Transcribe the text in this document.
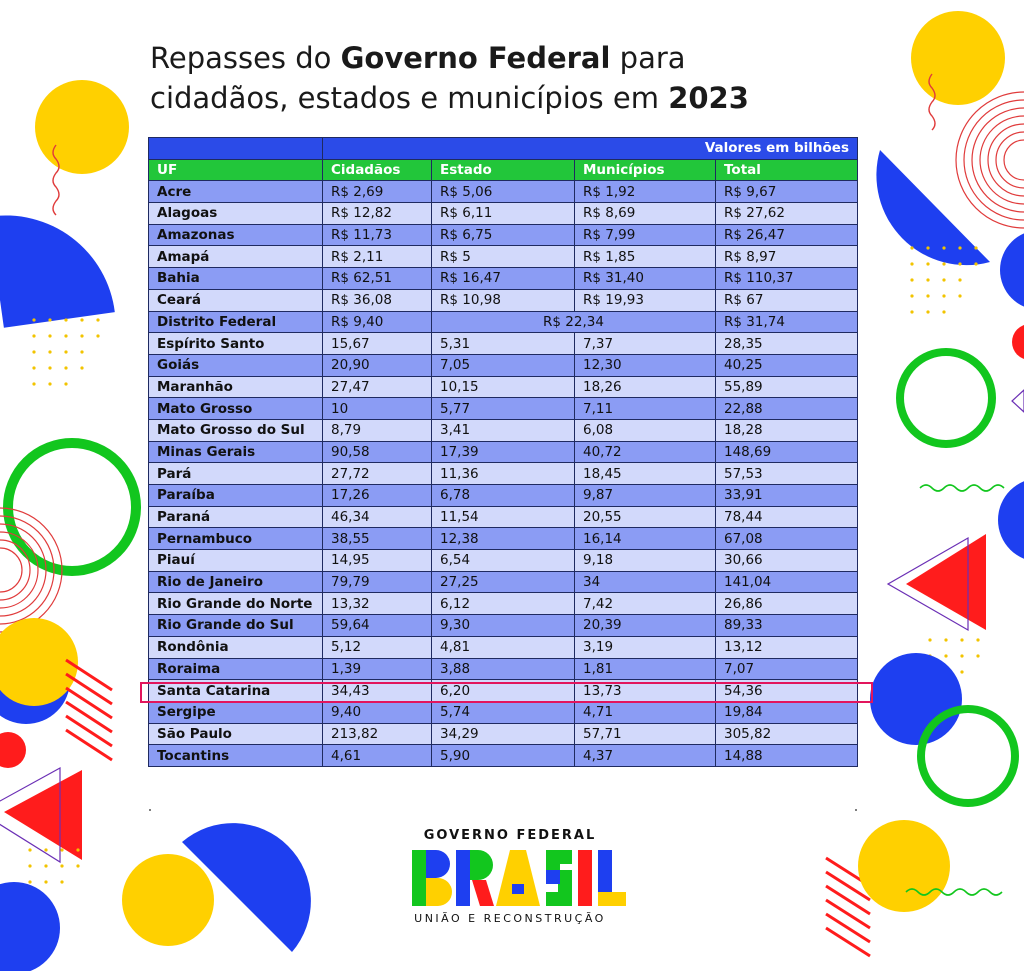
Repasses do Governo Federal para
cidadãos, estados e municípios em 2023
	Valores em bilhões			
UF	Cidadãos	Estado	Municípios	Total
Acre	R$ 2,69	R$ 5,06	R$ 1,92	R$ 9,67
Alagoas	R$ 12,82	R$ 6,11	R$ 8,69	R$ 27,62
Amazonas	R$ 11,73	R$ 6,75	R$ 7,99	R$ 26,47
Amapá	R$ 2,11	R$ 5	R$ 1,85	R$ 8,97
Bahia	R$ 62,51	R$ 16,47	R$ 31,40	R$ 110,37
Ceará	R$ 36,08	R$ 10,98	R$ 19,93	R$ 67
Distrito Federal	R$ 9,40	R$ 22,34		R$ 31,74
Espírito Santo	15,67	5,31	7,37	28,35
Goiás	20,90	7,05	12,30	40,25
Maranhão	27,47	10,15	18,26	55,89
Mato Grosso	10	5,77	7,11	22,88
Mato Grosso do Sul	8,79	3,41	6,08	18,28
Minas Gerais	90,58	17,39	40,72	148,69
Pará	27,72	11,36	18,45	57,53
Paraíba	17,26	6,78	9,87	33,91
Paraná	46,34	11,54	20,55	78,44
Pernambuco	38,55	12,38	16,14	67,08
Piauí	14,95	6,54	9,18	30,66
Rio de Janeiro	79,79	27,25	34	141,04
Rio Grande do Norte	13,32	6,12	7,42	26,86
Rio Grande do Sul	59,64	9,30	20,39	89,33
Rondônia	5,12	4,81	3,19	13,12
Roraima	1,39	3,88	1,81	7,07
Santa Catarina	34,43	6,20	13,73	54,36
Sergipe	9,40	5,74	4,71	19,84
São Paulo	213,82	34,29	57,71	305,82
Tocantins	4,61	5,90	4,37	14,88
GOVERNO FEDERAL
UNIÃO E RECONSTRUÇÃO
